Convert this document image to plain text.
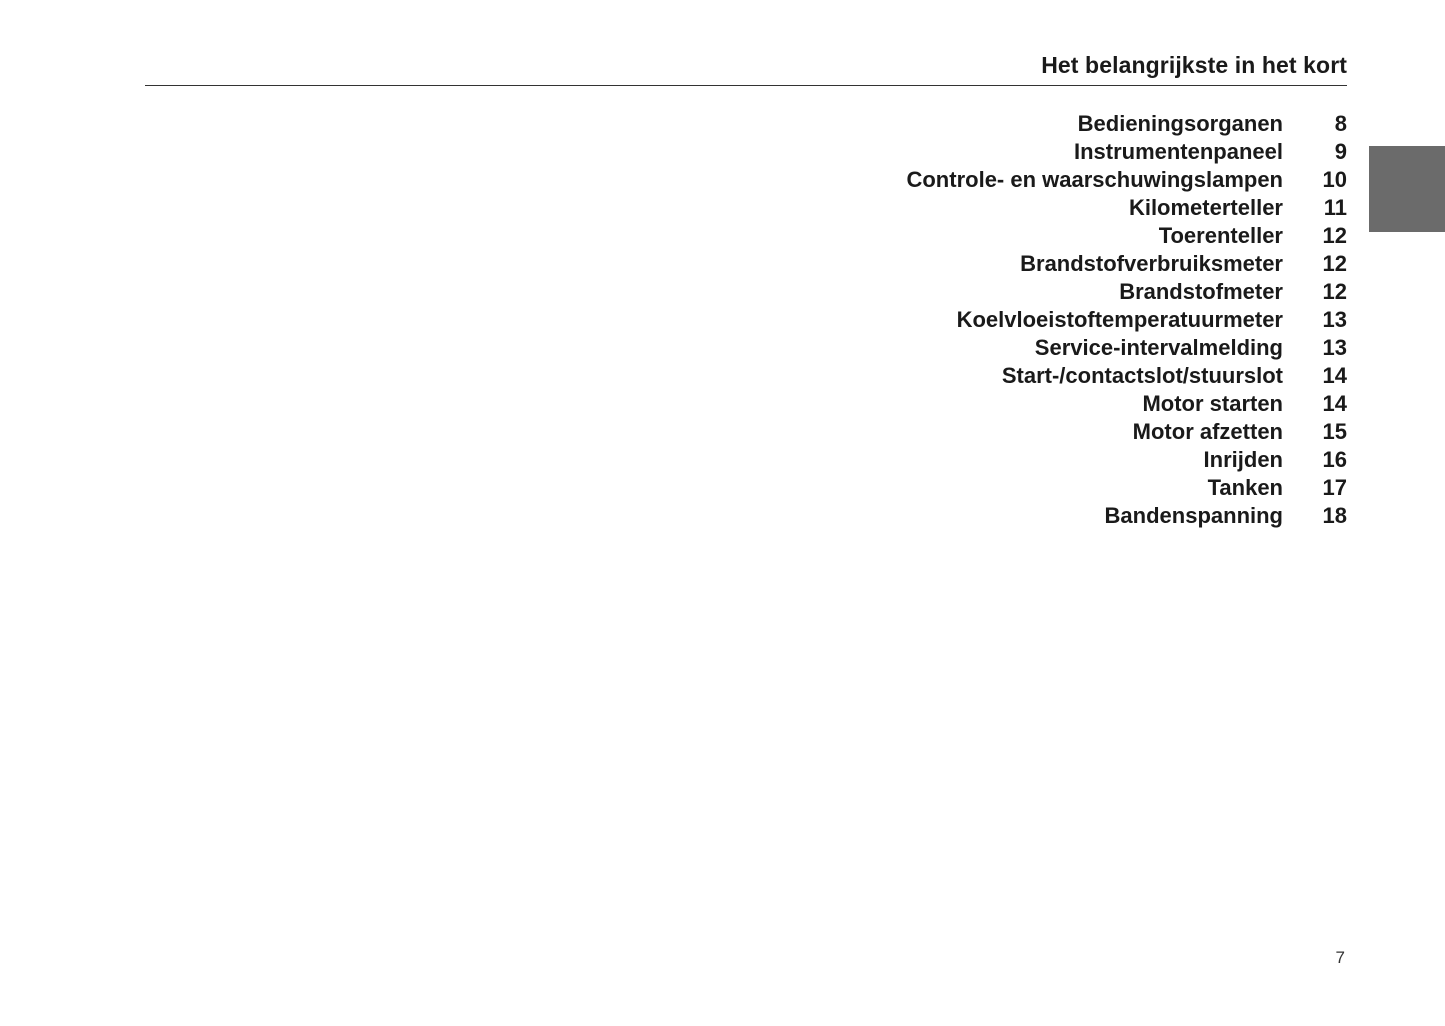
Het belangrijkste in het kort
Bedieningsorganen	8
Instrumentenpaneel	9
Controle- en waarschuwingslampen	10
Kilometerteller	11
Toerenteller	12
Brandstofverbruiksmeter	12
Brandstofmeter	12
Koelvloeistoftemperatuurmeter	13
Service-intervalmelding	13
Start-/contactslot/stuurslot	14
Motor starten	14
Motor afzetten	15
Inrijden	16
Tanken	17
Bandenspanning	18
7
